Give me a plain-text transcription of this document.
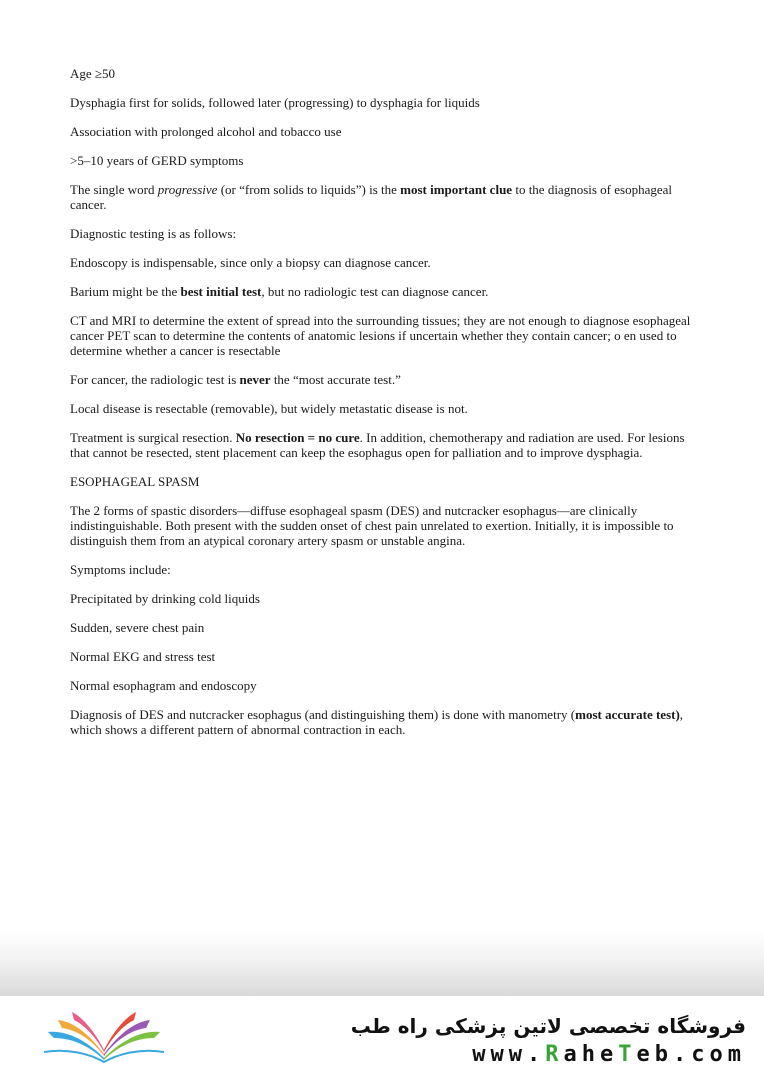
Age ≥50

Dysphagia first for solids, followed later (progressing) to dysphagia for liquids

Association with prolonged alcohol and tobacco use

>5–10 years of GERD symptoms

The single word progressive (or “from solids to liquids”) is the most important clue to the diagnosis of esophageal cancer.

Diagnostic testing is as follows:

Endoscopy is indispensable, since only a biopsy can diagnose cancer.

Barium might be the best initial test, but no radiologic test can diagnose cancer.

CT and MRI to determine the extent of spread into the surrounding tissues; they are not enough to diagnose esophageal cancer PET scan to determine the contents of anatomic lesions if uncertain whether they contain cancer; o en used to determine whether a cancer is resectable

For cancer, the radiologic test is never the “most accurate test.”

Local disease is resectable (removable), but widely metastatic disease is not.

Treatment is surgical resection. No resection = no cure. In addition, chemotherapy and radiation are used. For lesions that cannot be resected, stent placement can keep the esophagus open for palliation and to improve dysphagia.

ESOPHAGEAL SPASM

The 2 forms of spastic disorders—diffuse esophageal spasm (DES) and nutcracker esophagus—are clinically indistinguishable. Both present with the sudden onset of chest pain unrelated to exertion. Initially, it is impossible to distinguish them from an atypical coronary artery spasm or unstable angina.

Symptoms include:

Precipitated by drinking cold liquids

Sudden, severe chest pain

Normal EKG and stress test

Normal esophagram and endoscopy

Diagnosis of DES and nutcracker esophagus (and distinguishing them) is done with manometry (most accurate test), which shows a different pattern of abnormal contraction in each.

فروشگاه تخصصی لاتین پزشکی راه طب
www.RaheTeb.com
